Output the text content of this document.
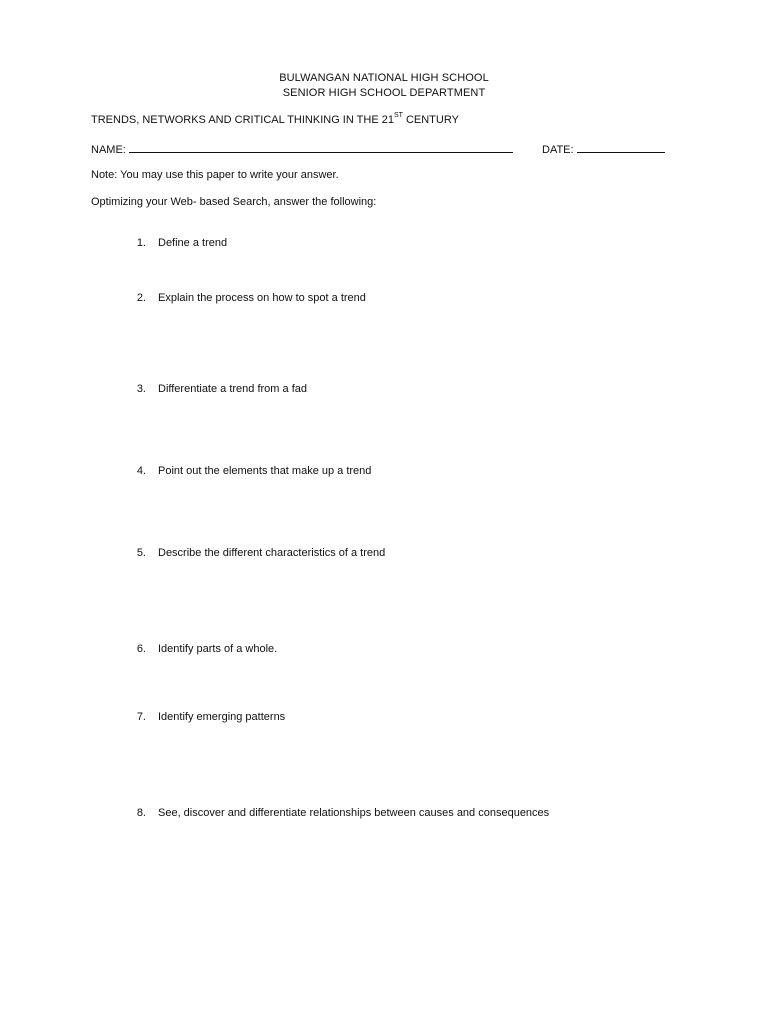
BULWANGAN NATIONAL HIGH SCHOOL
SENIOR HIGH SCHOOL DEPARTMENT
TRENDS, NETWORKS AND CRITICAL THINKING IN THE 21ST CENTURY
NAME:	DATE:
Note: You may use this paper to write your answer.
Optimizing your Web- based Search, answer the following:
1. Define a trend
2. Explain the process on how to spot a trend
3. Differentiate a trend from a fad
4. Point out the elements that make up a trend
5. Describe the different characteristics of a trend
6. Identify parts of a whole.
7. Identify emerging patterns
8. See, discover and differentiate relationships between causes and consequences
